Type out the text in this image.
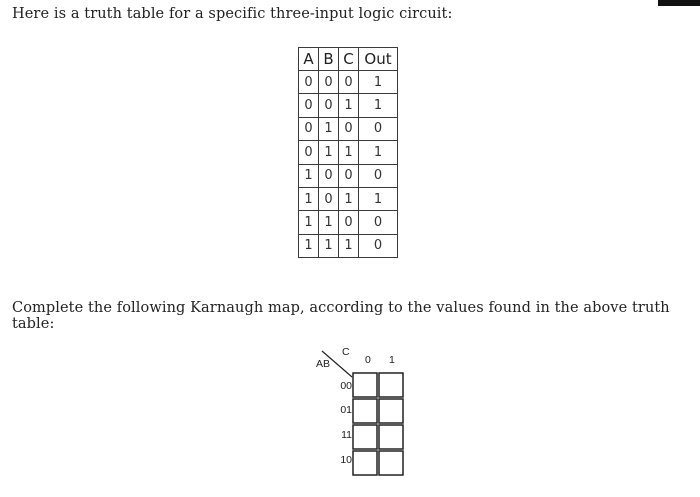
Here is a truth table for a specific three-input logic circuit:
A	B	C	Out
0	0	0	1
0	0	1	1
0	1	0	0
0	1	1	1
1	0	0	0
1	0	1	1
1	1	0	0
1	1	1	0
Complete the following Karnaugh map, according to the values found in the above truth table:
AB
C
0 1
00
01
11
10
